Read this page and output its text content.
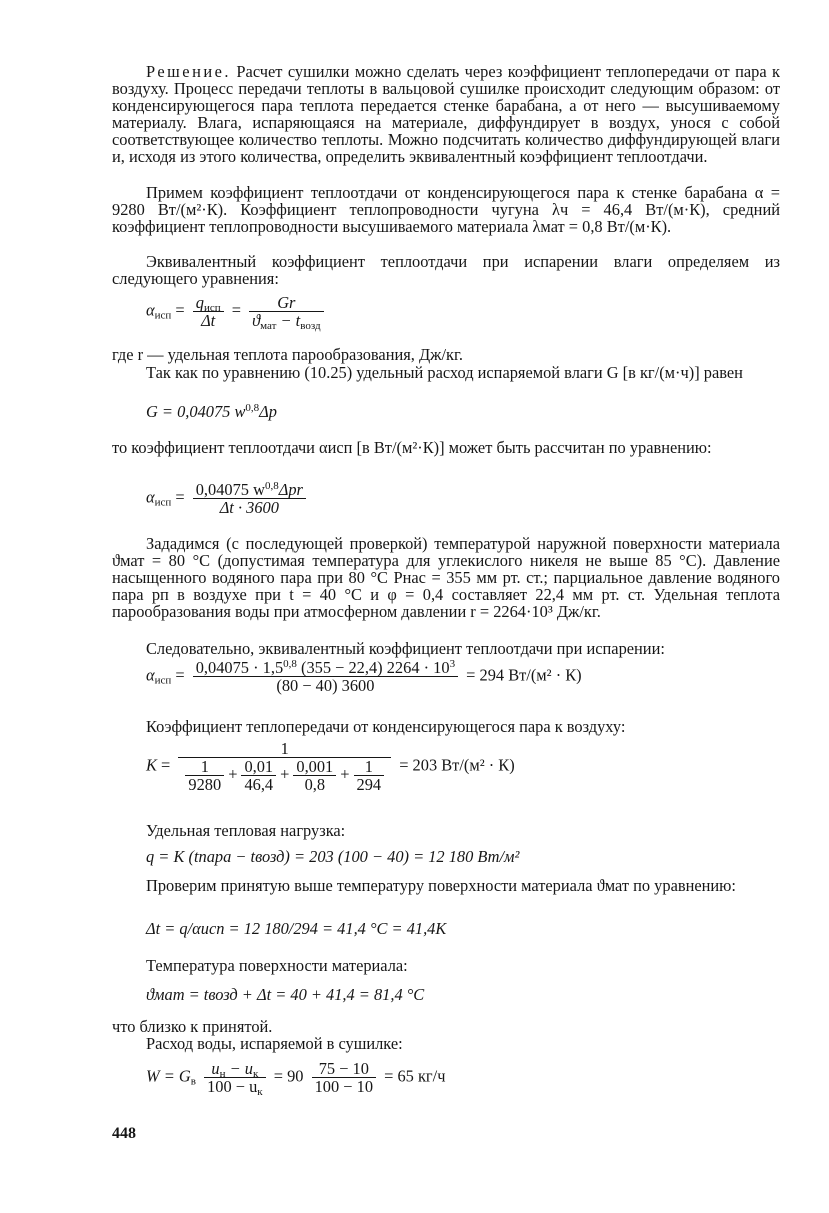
Решение. Расчет сушилки можно сделать через коэффициент теплопередачи от пара к воздуху. Процесс передачи теплоты в вальцовой сушилке происходит следующим образом: от конденсирующегося пара теплота передается стенке барабана, а от него — высушиваемому материалу. Влага, испаряющаяся на материале, диффундирует в воздух, унося с собой соответствующее количество теплоты. Можно подсчитать количество диффундирующей влаги и, исходя из этого количества, определить эквивалентный коэффициент теплоотдачи.

Примем коэффициент теплоотдачи от конденсирующегося пара к стенке барабана α = 9280 Вт/(м²·К). Коэффициент теплопроводности чугуна λч = 46,4 Вт/(м·К), средний коэффициент теплопроводности высушиваемого материала λмат = 0,8 Вт/(м·К).

Эквивалентный коэффициент теплоотдачи при испарении влаги определяем из следующего уравнения:

$\alpha_{исп} = \frac{q_{исп}}{\Delta t} = \frac{Gr}{ϑ_{мат} - t_{возд}}$

где r — удельная теплота парообразования, Дж/кг.

Так как по уравнению (10.25) удельный расход испаряемой влаги G [в кг/(м·ч)] равен

G = 0,04075 $w^{0,8}\Delta p$

то коэффициент теплоотдачи αисп [в Вт/(м²·К)] может быть рассчитан по уравнению:

$\alpha_{исп} = \frac{0,04075 w^{0,8}\Delta pr}{\Delta t \cdot 3600}$

Зададимся (с последующей проверкой) температурой наружной поверхности материала ϑмат = 80 °С (допустимая температура для углекислого никеля не выше 85 °С). Давление насыщенного водяного пара при 80 °С Pнас = 355 мм рт. ст.; парциальное давление водяного пара pп в воздухе при t = 40 °С и φ = 0,4 составляет 22,4 мм рт. ст. Удельная теплота парообразования воды при атмосферном давлении r = 2264·10³ Дж/кг.

Следовательно, эквивалентный коэффициент теплоотдачи при испарении:

$\alpha_{исп} = \frac{0,04075 \cdot 1,5^{0,8} (355 - 22,4) 2264 \cdot 10^3}{(80 - 40) 3600} = 294$ Вт/(м² · К)

Коэффициент теплопередачи от конденсирующегося пара к воздуху:

$K = \frac{1}{\frac{1}{9280} + \frac{0,01}{46,4} + \frac{0,001}{0,8} + \frac{1}{294}} = 203$ Вт/(м² · К)

Удельная тепловая нагрузка:

q = K (tпара − tвозд) = 203 (100 − 40) = 12 180 Вт/м²

Проверим принятую выше температуру поверхности материала ϑмат по уравнению:

Δt = q/αисп = 12 180/294 = 41,4 °С = 41,4К

Температура поверхности материала:

ϑмат = tвозд + Δt = 40 + 41,4 = 81,4 °С

что близко к принятой.

Расход воды, испаряемой в сушилке:

$W = G_в \frac{u_н - u_к}{100 - u_к} = 90 \frac{75 - 10}{100 - 10} = 65$ кг/ч
448
